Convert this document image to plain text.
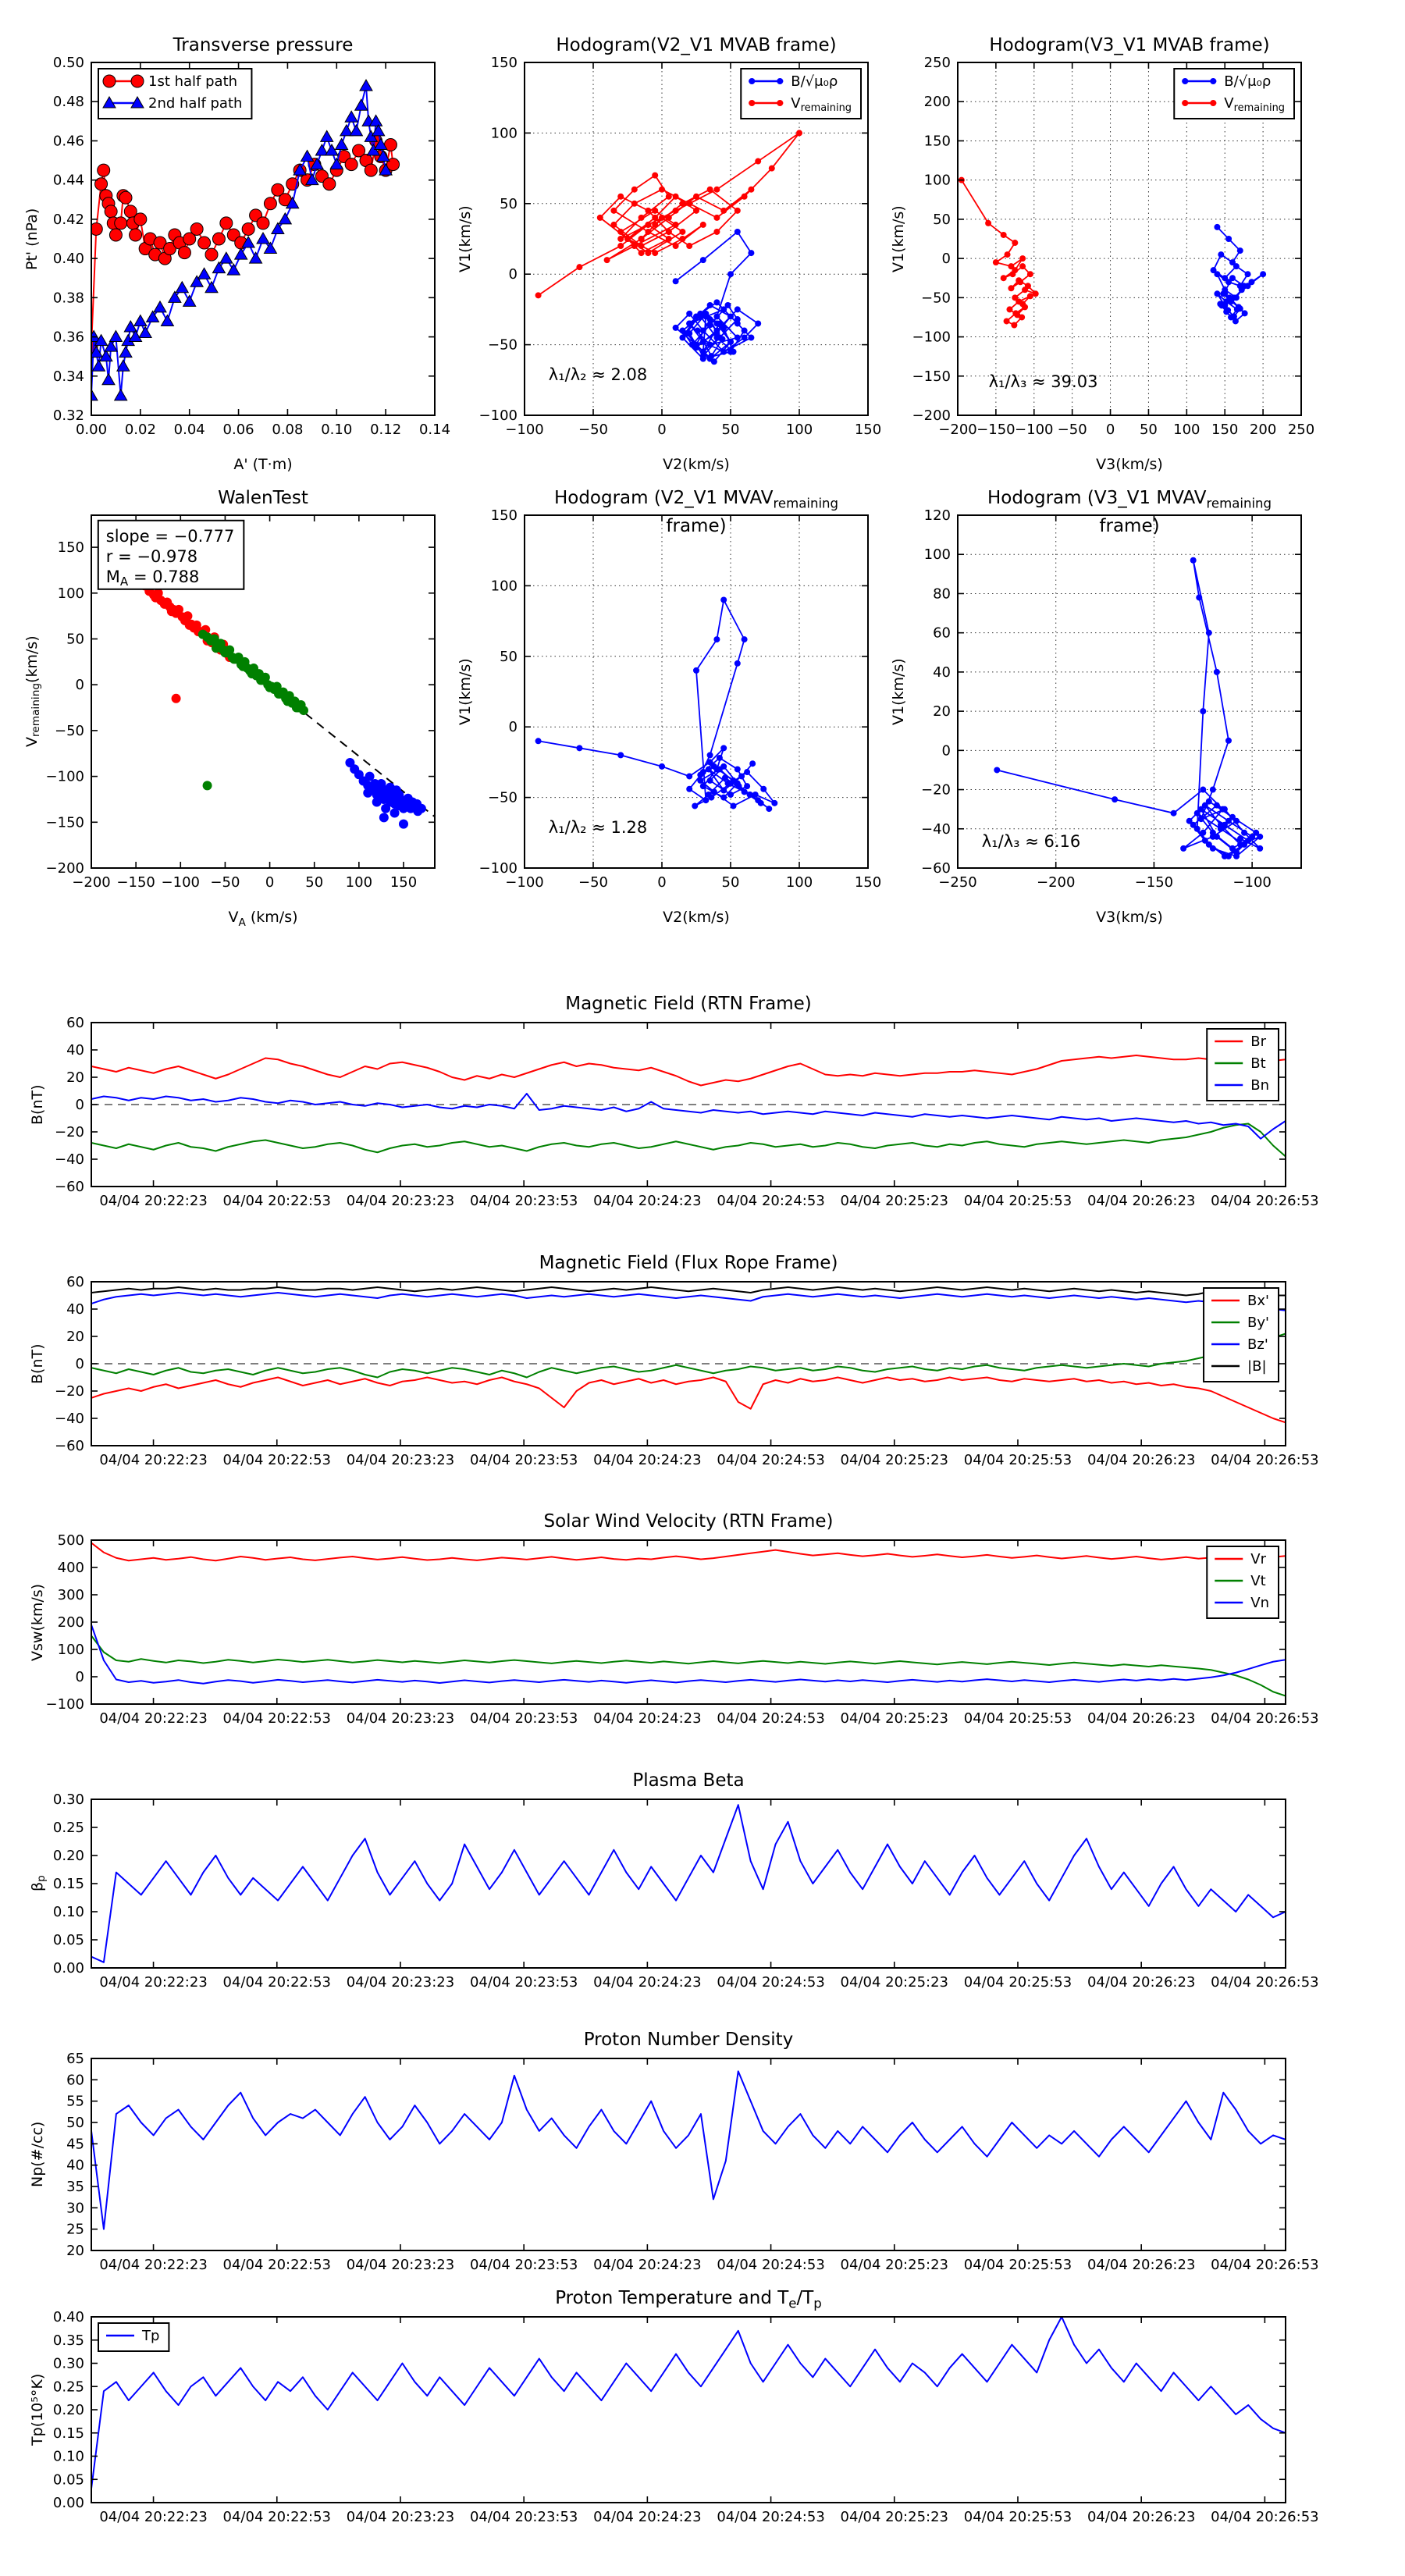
Transverse pressure
Pt' (nPa)
A' (T·m)
0.32
0.34
0.36
0.38
0.40
0.42
0.44
0.46
0.48
0.50
0.00 0.02 0.04 0.06 0.08 0.10 0.12 0.14
1st half path
2nd half path
Hodogram(V2_V1 MVAB frame)
V1(km/s)
V2(km/s)
−100
−50
0
50
100
150
−100 −50	0	50	100	150
λ₁/λ₂ ≈ 2.08
B/√μ₀ρ
$V_{remaining}$
Hodogram(V3_V1 MVAB frame)
V1(km/s)
V3(km/s)
−200
−150
−100
−50
0
50
100
150
200
250
−200 −150 −100 −50 0 50 100 150 200 250
λ₁/λ₃ ≈ 39.03
B/√μ₀ρ
$V_{remaining}$
WalenTest
$V_{remaining}(km/s)$
$V_A$ (km/s)
−200
−150
−100
−50
0
50
100
150
−200 −150 −100 −50 0 50 100 150
slope = −0.777
r = −0.978
MA = 0.788
Hodogram (V2_V1 $MVAV_{remaining}$ frame)
V1(km/s)
V2(km/s)
−100
−50
0
50
100
150
−100 −50	0	50	100	150
λ₁/λ₂ ≈ 1.28
Hodogram (V3_V1 $MVAV_{remaining}$ frame)
V1(km/s)
V3(km/s)
−60
−40
−20
0
20
40
60
80
100
120
−250	−200	−150	−100
λ₁/λ₃ ≈ 6.16
Magnetic Field (RTN Frame)
B(nT)
−60
−40
−20
0
20
40
60
04/04 20:22:23 04/04 20:22:53 04/04 20:23:23 04/04 20:23:53 04/04 20:24:23 04/04 20:24:53 04/04 20:25:23 04/04 20:25:53 04/04 20:26:23 04/04 20:26:53
Br
Bt
Bn
Magnetic Field (Flux Rope Frame)
B(nT)
−60
−40
−20
0
20
40
60
04/04 20:22:23 04/04 20:22:53 04/04 20:23:23 04/04 20:23:53 04/04 20:24:23 04/04 20:24:53 04/04 20:25:23 04/04 20:25:53 04/04 20:26:23 04/04 20:26:53
Bx'
By'
Bz'
|B|
Solar Wind Velocity (RTN Frame)
Vsw(km/s)
−100
0
100
200
300
400
500
04/04 20:22:23 04/04 20:22:53 04/04 20:23:23 04/04 20:23:53 04/04 20:24:23 04/04 20:24:53 04/04 20:25:23 04/04 20:25:53 04/04 20:26:23 04/04 20:26:53
Vr
Vt
Vn
Plasma Beta
$\beta_p$
0.00
0.05
0.10
0.15
0.20
0.25
0.30
04/04 20:22:23 04/04 20:22:53 04/04 20:23:23 04/04 20:23:53 04/04 20:24:23 04/04 20:24:53 04/04 20:25:23 04/04 20:25:53 04/04 20:26:23 04/04 20:26:53
Proton Number Density
Np(#/cc)
20
25
30
35
40
45
50
55
60
65
04/04 20:22:23 04/04 20:22:53 04/04 20:23:23 04/04 20:23:53 04/04 20:24:23 04/04 20:24:53 04/04 20:25:23 04/04 20:25:53 04/04 20:26:23 04/04 20:26:53
Proton Temperature and $T_e/T_p$
Tp(10⁵°K)
0.00
0.05
0.10
0.15
0.20
0.25
0.30
0.35
0.40
04/04 20:22:23 04/04 20:22:53 04/04 20:23:23 04/04 20:23:53 04/04 20:24:23 04/04 20:24:53 04/04 20:25:23 04/04 20:25:53 04/04 20:26:23 04/04 20:26:53
Tp
